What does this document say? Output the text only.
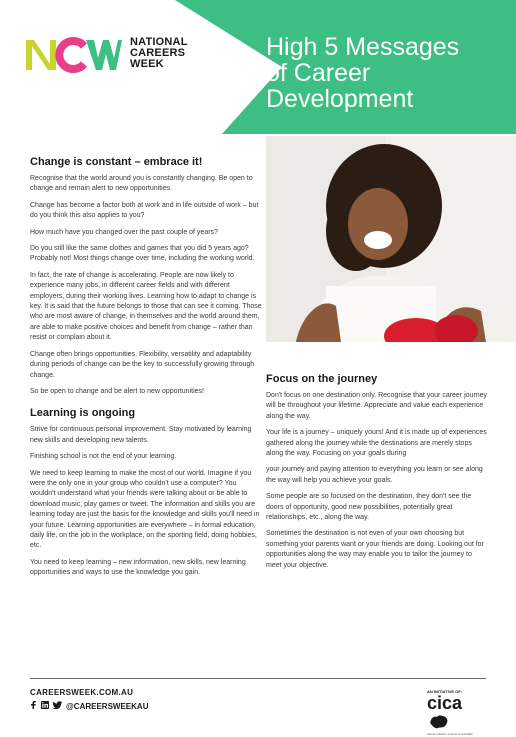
NATIONAL
CAREERS
WEEK
High 5 Messages
of Career
Development
Change is constant – embrace it!

Recognise that the world around you is constantly changing. Be open to change and remain alert to new opportunities.

Change has become a factor both at work and in life outside of work – but do you think this also applies to you?

How much have you changed over the past couple of years?

Do you still like the same clothes and games that you did 5 years ago? Probably not! Most things change over time, including the working world.

In fact, the rate of change is accelerating. People are now likely to experience many jobs, in different career fields and with different employers, during their working lives. Learning how to adapt to change is key. It is said that the future belongs to those that can see it coming. Those who are most aware of change, in themselves and the world around them, are able to make positive choices and benefit from change – rather than resist or complain about it.

Change often brings opportunities. Flexibility, versatility and adaptability during periods of change can be the key to successfully growing through change.

So be open to change and be alert to new opportunities!

Learning is ongoing

Strive for continuous personal improvement. Stay motivated by learning new skills and developing new talents.

Finishing school is not the end of your learning.

We need to keep learning to make the most of our world. Imagine if you were the only one in your group who couldn't use a computer? You wouldn't understand what your friends were talking about or be able to download music, play games or tweet. The information and skills you are learning today are just the basis for the knowledge and skills you'll need in your future. Learning opportunities are everywhere – in formal education, daily life, on the job in the workplace, on the sporting field, doing hobbies, etc.

You need to keep learning – new information, new skills, new learning opportunities and ways to use the knowledge you gain.

Focus on the journey

Don't focus on one destination only. Recognise that your career journey will be throughout your lifetime. Appreciate and value each experience along the way.

Your life is a journey – uniquely yours! And it is made up of experiences gathered along the journey while the destinations are merely stops along the way. Focusing on your goals during

your journey and paying attention to everything you learn or see along the way will help you achieve your goals.

Some people are so focused on the destination, they don't see the doors of opportunity, good new possibilities, potentially great relationships, etc., along the way.

Sometimes the destination is not even of your own choosing but something your parents want or your friends are doing. Looking out for opportunities along the way may enable you to tailor the journey to meet your objective.

CAREERSWEEK.COM.AU
@CAREERSWEEKAU
AN INITIATIVE OF:
cica
career industry council of australia
